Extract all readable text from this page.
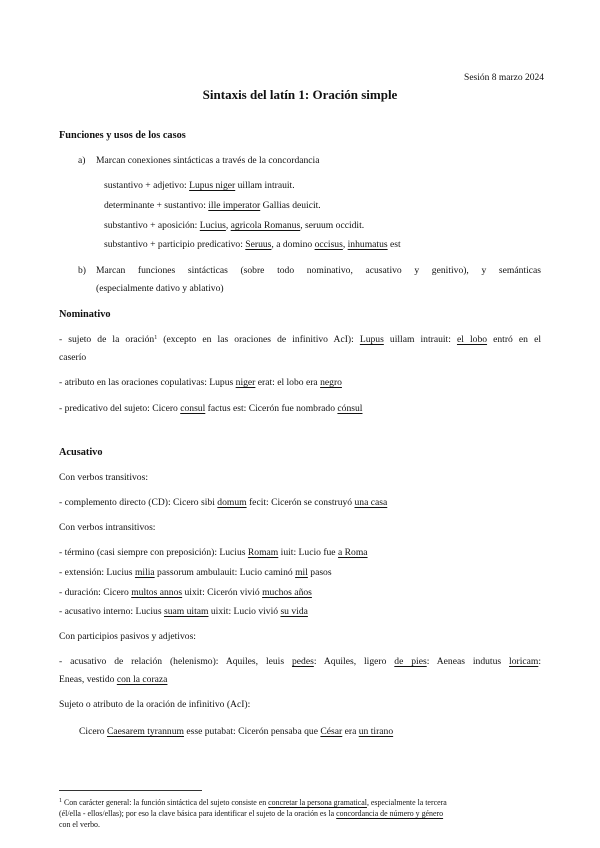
Sesión 8 marzo 2024
Sintaxis del latín 1: Oración simple
Funciones y usos de los casos
a) Marcan conexiones sintácticas a través de la concordancia
sustantivo + adjetivo: Lupus niger uillam intrauit.
determinante + sustantivo: ille imperator Gallias deuicit.
substantivo + aposición: Lucius, agricola Romanus, seruum occidit.
substantivo + participio predicativo: Seruus, a domino occisus, inhumatus est
b) Marcan funciones sintácticas (sobre todo nominativo, acusativo y genitivo), y semánticas
(especialmente dativo y ablativo)
Nominativo
- sujeto de la oración$^1$ (excepto en las oraciones de infinitivo AcI): Lupus uillam intrauit: el lobo entró en el
caserío
- atributo en las oraciones copulativas: Lupus niger erat: el lobo era negro
- predicativo del sujeto: Cicero consul factus est: Cicerón fue nombrado cónsul
Acusativo
Con verbos transitivos:
- complemento directo (CD): Cicero sibi domum fecit: Cicerón se construyó una casa
Con verbos intransitivos:
- término (casi siempre con preposición): Lucius Romam iuit: Lucio fue a Roma
- extensión: Lucius milia passorum ambulauit: Lucio caminó mil pasos
- duración: Cicero multos annos uixit: Cicerón vivió muchos años
- acusativo interno: Lucius suam uitam uixit: Lucio vivió su vida
Con participios pasivos y adjetivos:
- acusativo de relación (helenismo): Aquiles, leuis pedes: Aquiles, ligero de pies: Aeneas indutus loricam:
Eneas, vestido con la coraza
Sujeto o atributo de la oración de infinitivo (AcI):
Cicero Caesarem tyrannum esse putabat: Cicerón pensaba que César era un tirano
$^1$ Con carácter general: la función sintáctica del sujeto consiste en concretar la persona gramatical, especialmente la tercera
(él/ella - ellos/ellas); por eso la clave básica para identificar el sujeto de la oración es la concordancia de número y género
con el verbo.
